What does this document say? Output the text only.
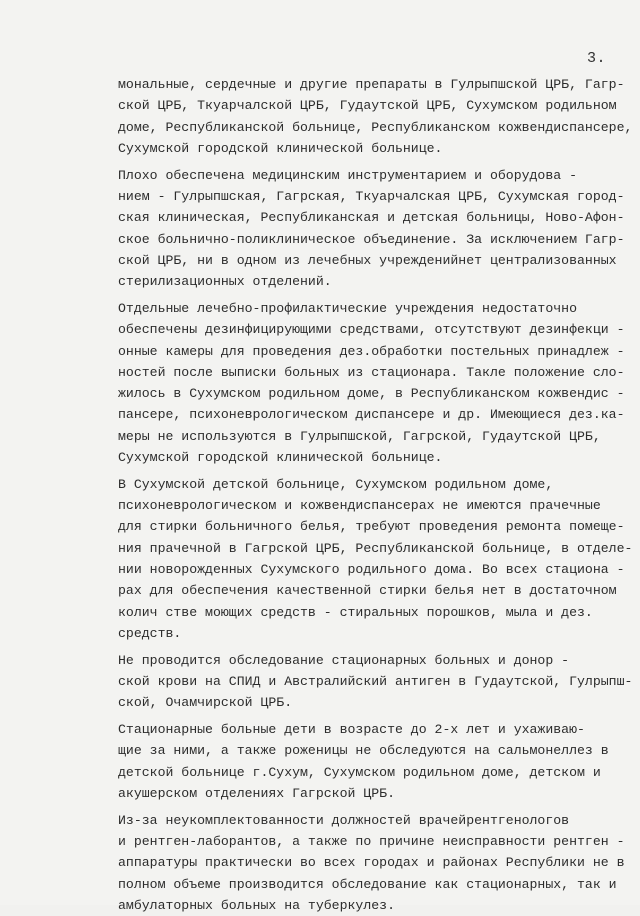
3.
мональные, сердечные и другие препараты в Гулрыпшской ЦРБ, Гагр-
ской ЦРБ, Ткуарчалской ЦРБ, Гудаутской ЦРБ, Сухумском родильном
доме, Республиканской больнице, Республиканском кожвендиспансере,
Сухумской городской клинической больнице.
Плохо обеспечена медицинским инструментарием и оборудова -
нием - Гулрыпшская, Гагрская, Ткуарчалская ЦРБ, Сухумская город-
ская клиническая, Республиканская и детская больницы, Ново-Афон-
ское больнично-поликлиническое объединение. За исключением Гагр-
ской ЦРБ, ни в одном из лечебных учрежденийнет централизованных
стерилизационных отделений.
Отдельные лечебно-профилактические учреждения недостаточно
обеспечены дезинфицирующими средствами, отсутствуют дезинфекци -
онные камеры для проведения дез.обработки постельных принадлеж -
ностей после выписки больных из стационара. Такле положение сло-
жилось в Сухумском родильном доме, в Республиканском кожвендис -
пансере, психоневрологическом диспансере и др. Имеющиеся дез.ка-
меры не используются в Гулрыпшской, Гагрской, Гудаутской ЦРБ,
Сухумской городской клинической больнице.
В Сухумской детской больнице, Сухумском родильном доме,
психоневрологическом и кожвендиспансерах не имеются прачечные
для стирки больничного белья, требуют проведения ремонта помеще-
ния прачечной в Гагрской ЦРБ, Республиканской больнице, в отделе-
нии новорожденных Сухумского родильного дома. Во всех стациона -
рах для обеспечения качественной стирки белья нет в достаточном
колич стве моющих средств - стиральных порошков, мыла и дез.
средств.
Не проводится обследование стационарных больных и донор -
ской крови на СПИД и Австралийский антиген в Гудаутской, Гулрыпш-
ской, Очамчирской ЦРБ.
Стационарные больные дети в возрасте до 2-х лет и ухаживаю-
щие за ними, а также роженицы не обследуются на сальмонеллез в
детской больнице г.Сухум, Сухумском родильном доме, детском и
акушерском отделениях Гагрской ЦРБ.
Из-за неукомплектованности должностей врачейрентгенологов
и рентген-лаборантов, а также по причине неисправности рентген -
аппаратуры практически во всех городах и районах Республики не в
полном объеме производится обследование как стационарных, так и
амбулаторных больных на туберкулез.
